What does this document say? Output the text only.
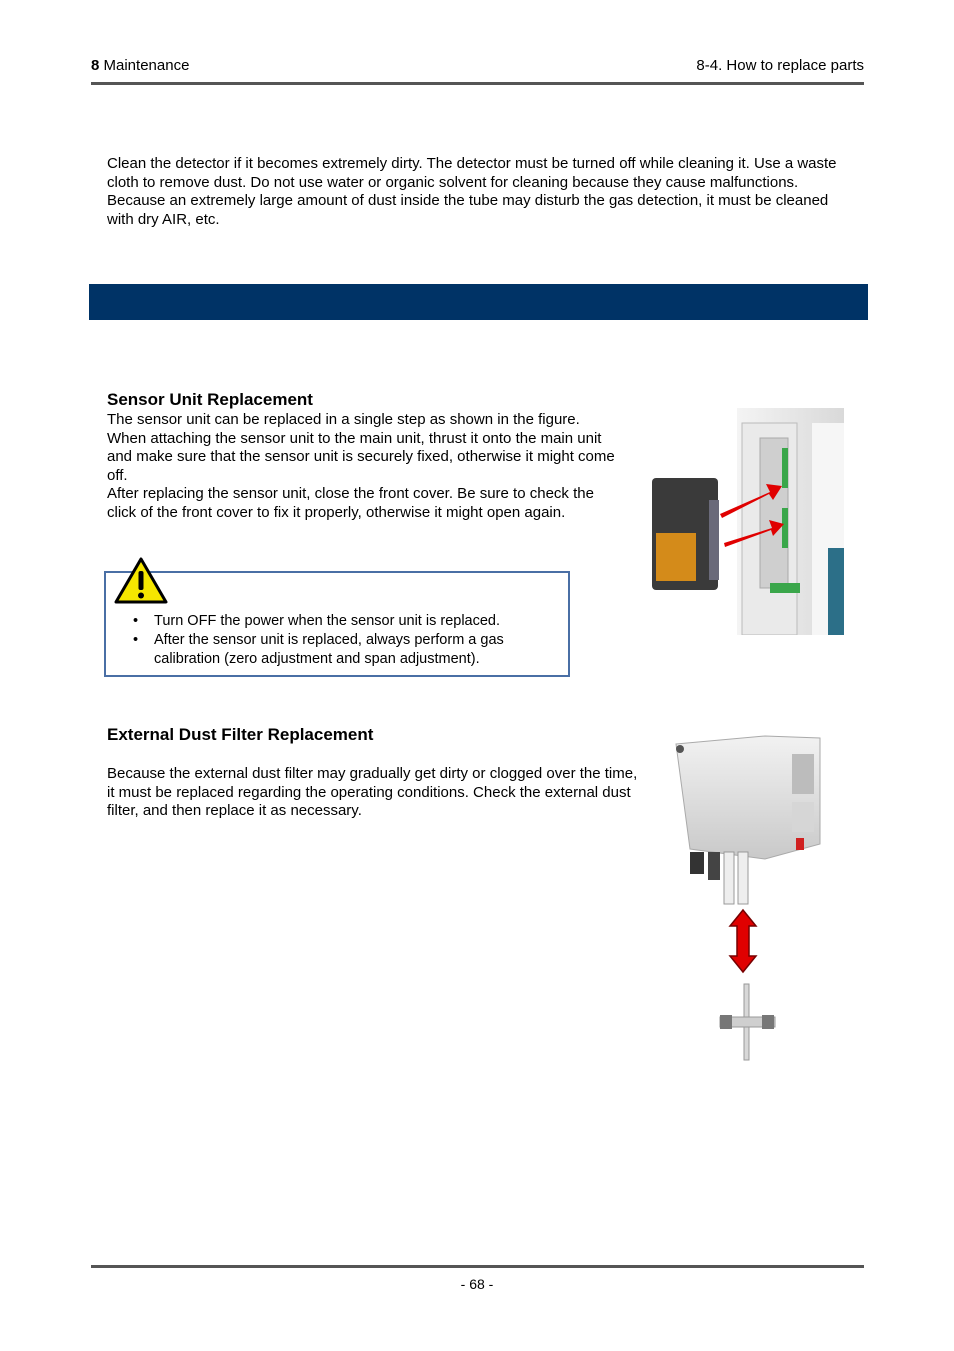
8 Maintenance	8-4. How to replace parts
Clean the detector if it becomes extremely dirty. The detector must be turned off while cleaning it. Use a waste cloth to remove dust. Do not use water or organic solvent for cleaning because they cause malfunctions.
Because an extremely large amount of dust inside the tube may disturb the gas detection, it must be cleaned with dry AIR, etc.
Sensor Unit Replacement
The sensor unit can be replaced in a single step as shown in the figure. When attaching the sensor unit to the main unit, thrust it onto the main unit and make sure that the sensor unit is securely fixed, otherwise it might come off.
After replacing the sensor unit, close the front cover. Be sure to check the click of the front cover to fix it properly, otherwise it might open again.
• Turn OFF the power when the sensor unit is replaced.
• After the sensor unit is replaced, always perform a gas calibration (zero adjustment and span adjustment).
External Dust Filter Replacement
Because the external dust filter may gradually get dirty or clogged over the time, it must be replaced regarding the operating conditions. Check the external dust filter, and then replace it as necessary.
- 68 -
